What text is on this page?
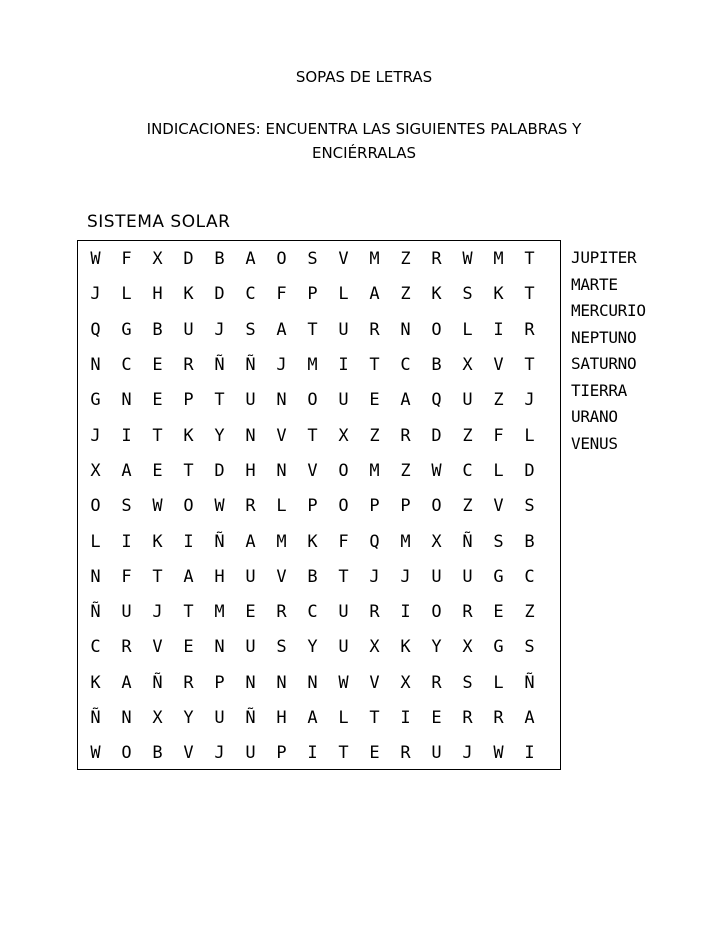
SOPAS DE LETRAS
INDICACIONES: ENCUENTRA LAS SIGUIENTES PALABRAS Y ENCIÉRRALAS
SISTEMA SOLAR
W	F	X	D	B	A	O	S	V	M	Z	R	W	M	T
J	L	H	K	D	C	F	P	L	A	Z	K	S	K	T
Q	G	B	U	J	S	A	T	U	R	N	O	L	I	R
N	C	E	R	Ñ	Ñ	J	M	I	T	C	B	X	V	T
G	N	E	P	T	U	N	O	U	E	A	Q	U	Z	J
J	I	T	K	Y	N	V	T	X	Z	R	D	Z	F	L
X	A	E	T	D	H	N	V	O	M	Z	W	C	L	D
O	S	W	O	W	R	L	P	O	P	P	O	Z	V	S
L	I	K	I	Ñ	A	M	K	F	Q	M	X	Ñ	S	B
N	F	T	A	H	U	V	B	T	J	J	U	U	G	C
Ñ	U	J	T	M	E	R	C	U	R	I	O	R	E	Z
C	R	V	E	N	U	S	Y	U	X	K	Y	X	G	S
K	A	Ñ	R	P	N	N	N	W	V	X	R	S	L	Ñ
Ñ	N	X	Y	U	Ñ	H	A	L	T	I	E	R	R	A
W	O	B	V	J	U	P	I	T	E	R	U	J	W	I
JUPITER
MARTE
MERCURIO
NEPTUNO
SATURNO
TIERRA
URANO
VENUS
